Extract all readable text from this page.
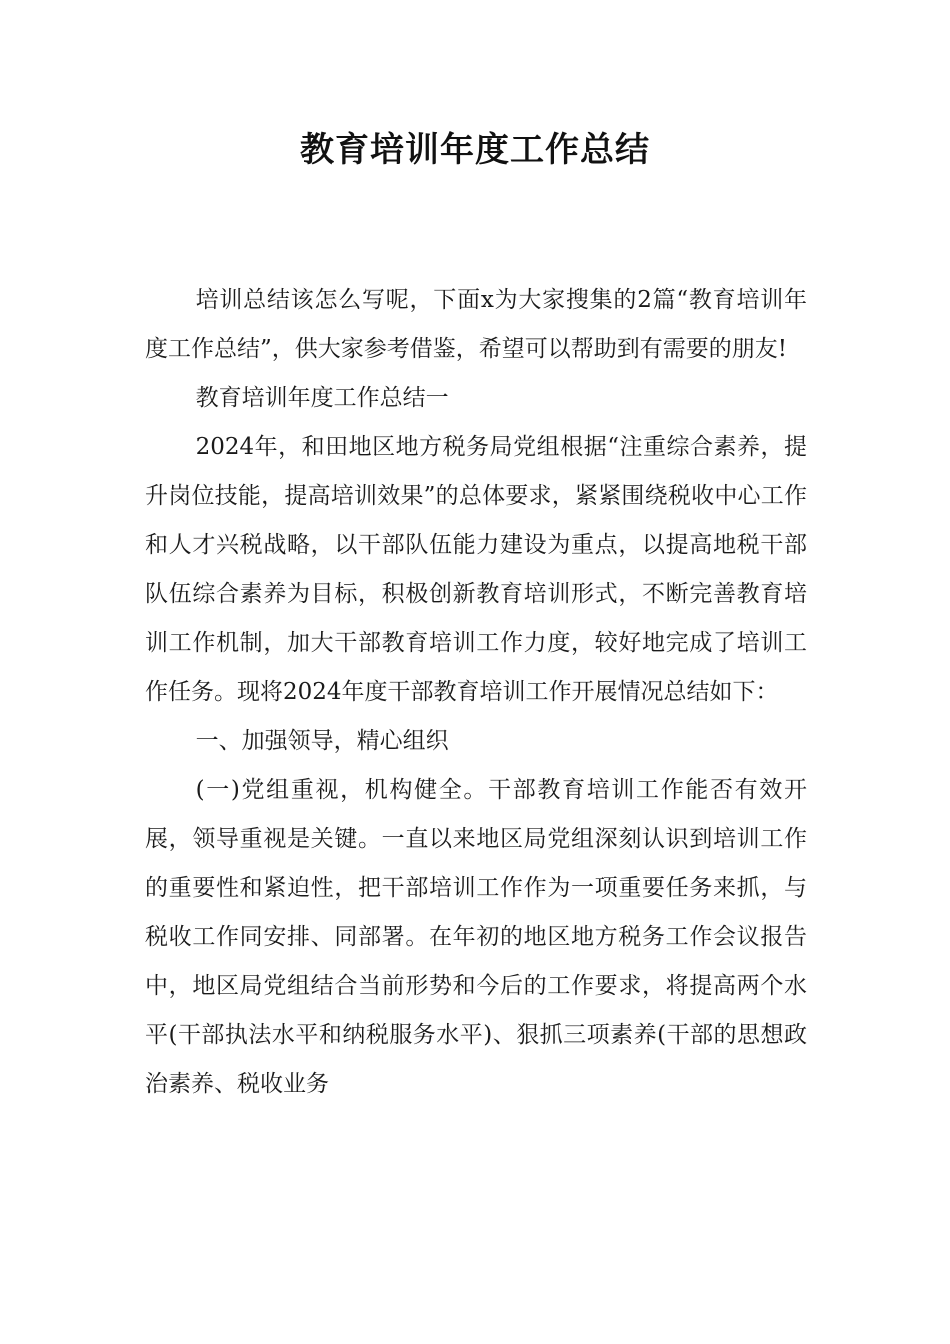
教育培训年度工作总结

培训总结该怎么写呢，下面x为大家搜集的2篇“教育培训年度工作总结”，供大家参考借鉴，希望可以帮助到有需要的朋友!

教育培训年度工作总结一

2024年，和田地区地方税务局党组根据“注重综合素养，提升岗位技能，提高培训效果”的总体要求，紧紧围绕税收中心工作和人才兴税战略，以干部队伍能力建设为重点，以提高地税干部队伍综合素养为目标，积极创新教育培训形式，不断完善教育培训工作机制，加大干部教育培训工作力度，较好地完成了培训工作任务。现将2024年度干部教育培训工作开展情况总结如下：

一、加强领导，精心组织

(一)党组重视，机构健全。干部教育培训工作能否有效开展，领导重视是关键。一直以来地区局党组深刻认识到培训工作的重要性和紧迫性，把干部培训工作作为一项重要任务来抓，与税收工作同安排、同部署。在年初的地区地方税务工作会议报告中，地区局党组结合当前形势和今后的工作要求，将提高两个水平(干部执法水平和纳税服务水平)、狠抓三项素养(干部的思想政治素养、税收业务
